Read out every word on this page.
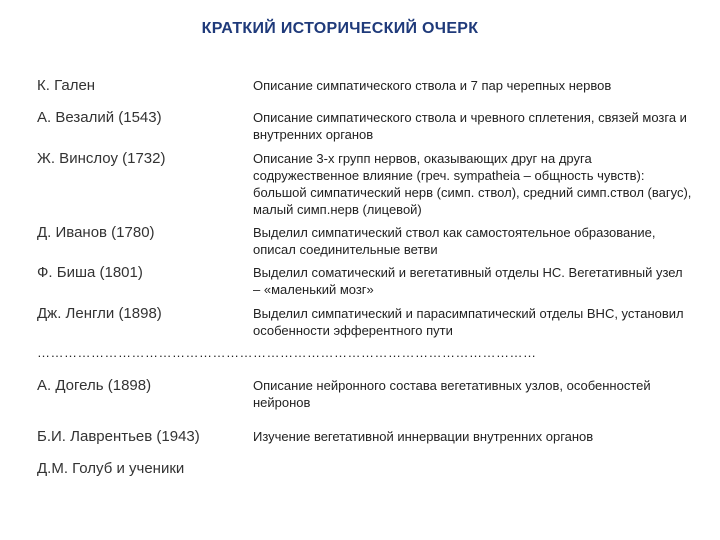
КРАТКИЙ ИСТОРИЧЕСКИЙ ОЧЕРК
К. Гален	Описание симпатического ствола и 7 пар черепных нервов
А. Везалий (1543)	Описание симпатического ствола и чревного сплетения, связей мозга и внутренних органов
Ж. Винслоу (1732)	Описание 3-х групп нервов, оказывающих друг на друга содружественное влияние (греч. sympatheia – общность чувств): большой симпатический нерв (симп. ствол), средний симп.ствол (вагус), малый симп.нерв (лицевой)
Д. Иванов (1780)	Выделил симпатический ствол как самостоятельное образование, описал соединительные ветви
Ф. Биша (1801)	Выделил соматический и вегетативный отделы НС. Вегетативный узел – «маленький мозг»
Дж. Ленгли (1898)	Выделил симпатический и парасимпатический отделы ВНС, установил особенности эфферентного пути
…………………………………………………………………………………………………
А. Догель (1898)	Описание нейронного состава вегетативных узлов, особенностей нейронов
Б.И. Лаврентьев (1943)	Изучение вегетативной иннервации внутренних органов
Д.М. Голуб и ученики
